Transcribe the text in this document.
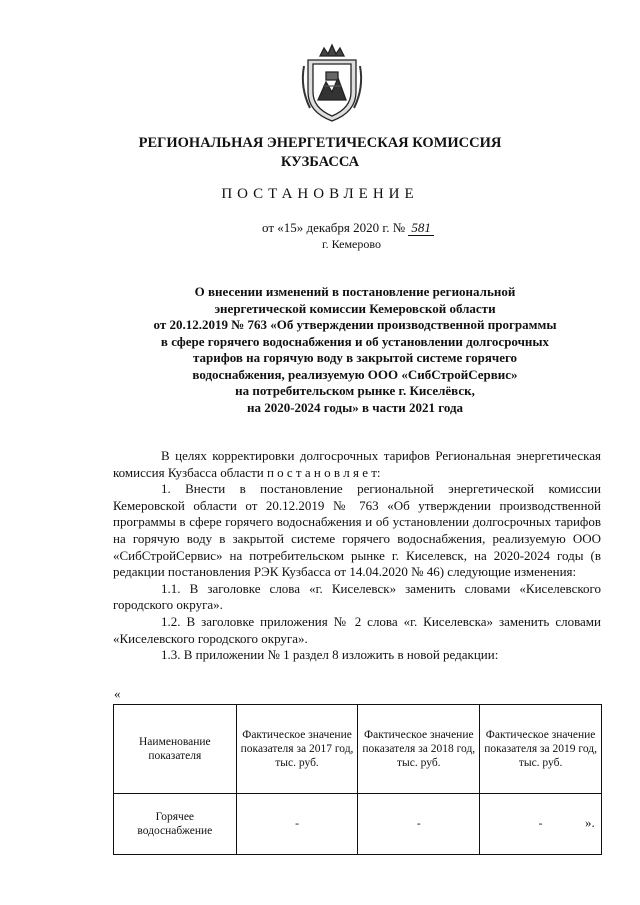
РЕГИОНАЛЬНАЯ ЭНЕРГЕТИЧЕСКАЯ КОМИССИЯ
КУЗБАССА
ПОСТАНОВЛЕНИЕ
от «15» декабря 2020 г. № 581
г. Кемерово
О внесении изменений в постановление региональной
энергетической комиссии Кемеровской области
от 20.12.2019 № 763 «Об утверждении производственной программы
в сфере горячего водоснабжения и об установлении долгосрочных
тарифов на горячую воду в закрытой системе горячего
водоснабжения, реализуемую ООО «СибСтройСервис»
на потребительском рынке г. Киселёвск,
на 2020-2024 годы» в части 2021 года

В целях корректировки долгосрочных тарифов Региональная энергетическая комиссия Кузбасса области п о с т а н о в л я е т:

1. Внести в постановление региональной энергетической комиссии Кемеровской области от 20.12.2019 № 763 «Об утверждении производственной программы в сфере горячего водоснабжения и об установлении долгосрочных тарифов на горячую воду в закрытой системе горячего водоснабжения, реализуемую ООО «СибСтройСервис» на потребительском рынке г. Киселевск, на 2020-2024 годы (в редакции постановления РЭК Кузбасса от 14.04.2020 № 46) следующие изменения:

1.1. В заголовке слова «г. Киселевск» заменить словами «Киселевского городского округа».

1.2. В заголовке приложения № 2 слова «г. Киселевска» заменить словами «Киселевского городского округа».

1.3. В приложении № 1 раздел 8 изложить в новой редакции:

«
Наименование показателя	Фактическое значение показателя за 2017 год, тыс. руб.	Фактическое значение показателя за 2018 год, тыс. руб.	Фактическое значение показателя за 2019 год, тыс. руб.
Горячее водоснабжение	-	-	-	».
